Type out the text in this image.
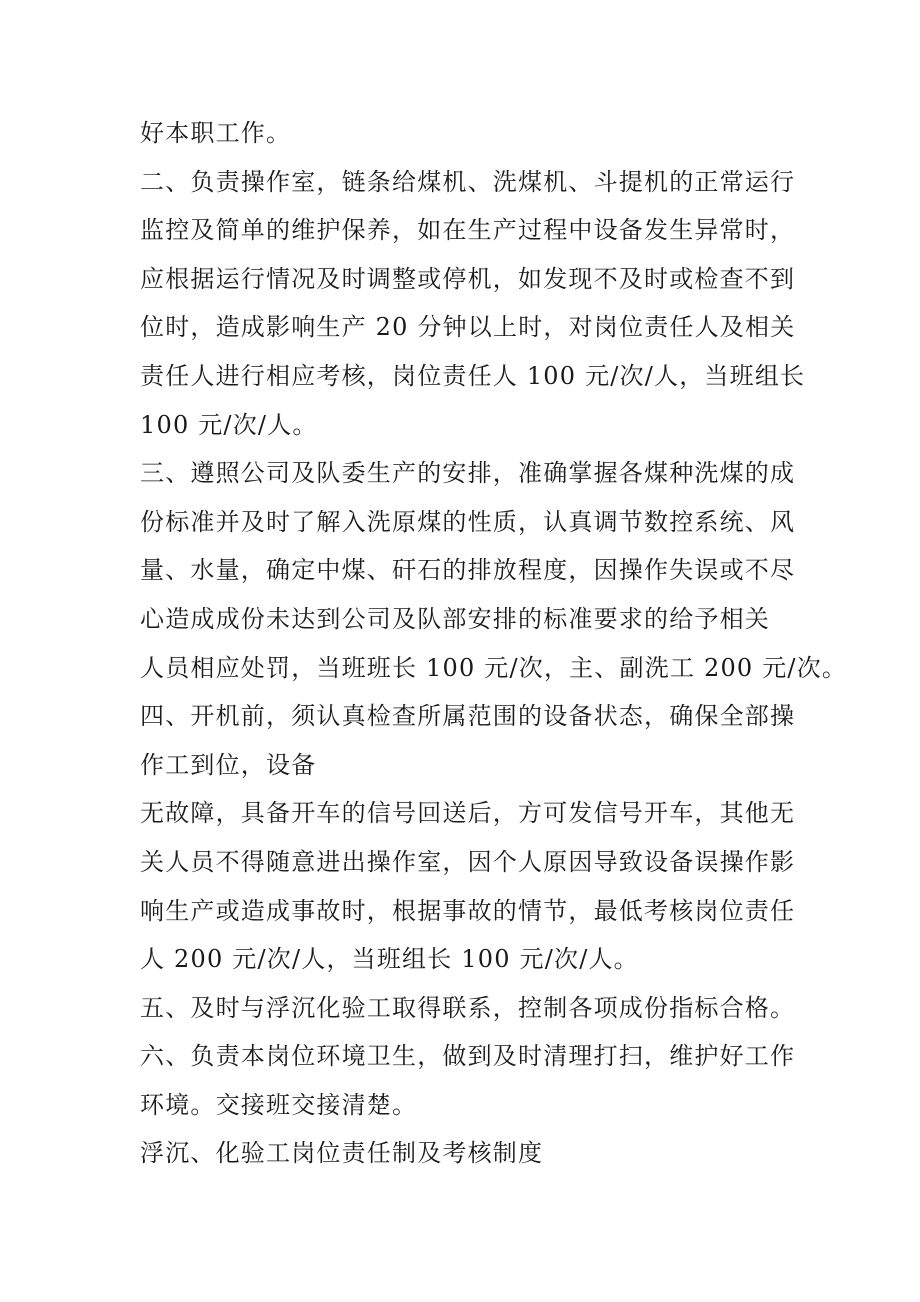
好本职工作。
二、负责操作室，链条给煤机、洗煤机、斗提机的正常运行
监控及简单的维护保养，如在生产过程中设备发生异常时，
应根据运行情况及时调整或停机，如发现不及时或检查不到
位时，造成影响生产 20 分钟以上时，对岗位责任人及相关
责任人进行相应考核，岗位责任人 100 元/次/人，当班组长
100 元/次/人。
三、遵照公司及队委生产的安排，准确掌握各煤种洗煤的成
份标准并及时了解入洗原煤的性质，认真调节数控系统、风
量、水量，确定中煤、矸石的排放程度，因操作失误或不尽
心造成成份未达到公司及队部安排的标准要求的给予相关
人员相应处罚，当班班长 100 元/次，主、副洗工 200 元/次。
四、开机前，须认真检查所属范围的设备状态，确保全部操
作工到位，设备
无故障，具备开车的信号回送后，方可发信号开车，其他无
关人员不得随意进出操作室，因个人原因导致设备误操作影
响生产或造成事故时，根据事故的情节，最低考核岗位责任
人 200 元/次/人，当班组长 100 元/次/人。
五、及时与浮沉化验工取得联系，控制各项成份指标合格。
六、负责本岗位环境卫生，做到及时清理打扫，维护好工作
环境。交接班交接清楚。
浮沉、化验工岗位责任制及考核制度
